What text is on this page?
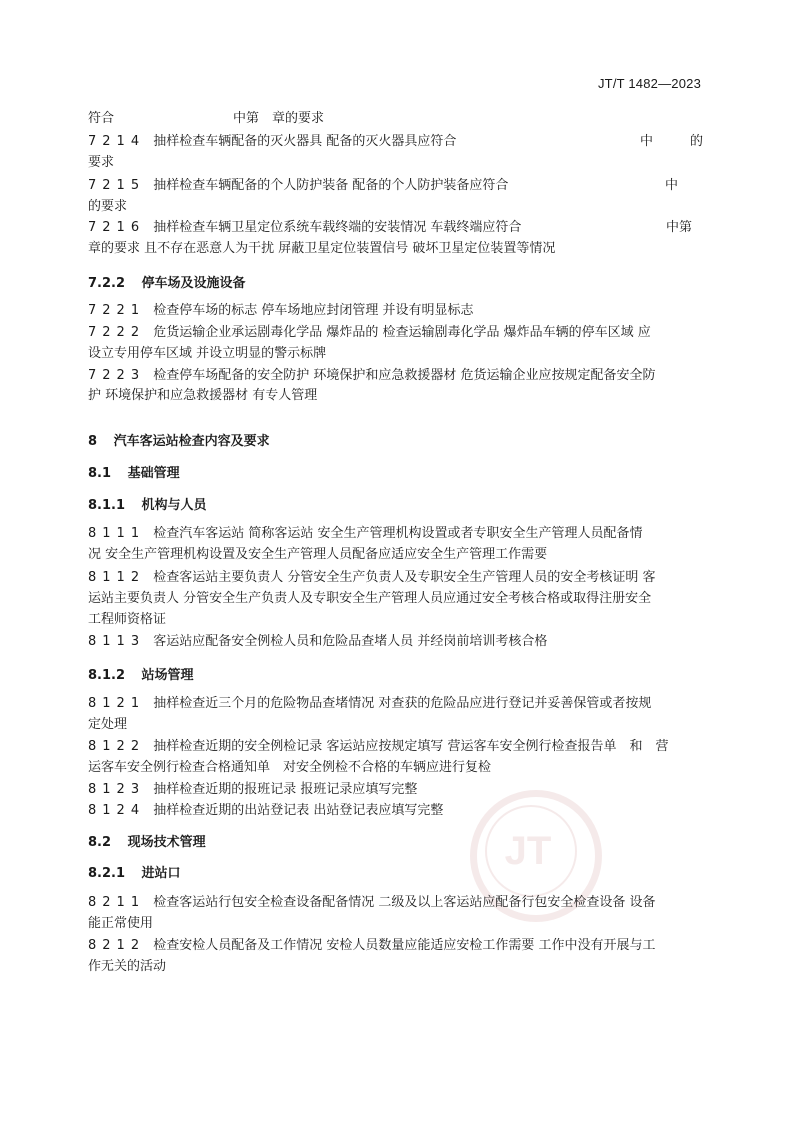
JT/T 1482—2023
JT
符合	中第　章的要求
7214 抽样检查车辆配备的灭火器具 配备的灭火器具应符合	中	的
要求
7215 抽样检查车辆配备的个人防护装备 配备的个人防护装备应符合	中
的要求
7216 抽样检查车辆卫星定位系统车载终端的安装情况 车载终端应符合	中第
章的要求 且不存在恶意人为干扰 屏蔽卫星定位装置信号 破坏卫星定位装置等情况
7.2.2 停车场及设施设备
7221 检查停车场的标志 停车场地应封闭管理 并设有明显标志
7222 危货运输企业承运剧毒化学品 爆炸品的 检查运输剧毒化学品 爆炸品车辆的停车区域 应
设立专用停车区域 并设立明显的警示标牌
7223 检查停车场配备的安全防护 环境保护和应急救援器材 危货运输企业应按规定配备安全防
护 环境保护和应急救援器材 有专人管理
8 汽车客运站检查内容及要求
8.1 基础管理
8.1.1 机构与人员
8111 检查汽车客运站 简称客运站 安全生产管理机构设置或者专职安全生产管理人员配备情
况 安全生产管理机构设置及安全生产管理人员配备应适应安全生产管理工作需要
8112 检查客运站主要负责人 分管安全生产负责人及专职安全生产管理人员的安全考核证明 客
运站主要负责人 分管安全生产负责人及专职安全生产管理人员应通过安全考核合格或取得注册安全
工程师资格证
8113 客运站应配备安全例检人员和危险品查堵人员 并经岗前培训考核合格
8.1.2 站场管理
8121 抽样检查近三个月的危险物品查堵情况 对查获的危险品应进行登记并妥善保管或者按规
定处理
8122 抽样检查近期的安全例检记录 客运站应按规定填写 营运客车安全例行检查报告单　和　营
运客车安全例行检查合格通知单　对安全例检不合格的车辆应进行复检
8123 抽样检查近期的报班记录 报班记录应填写完整
8124 抽样检查近期的出站登记表 出站登记表应填写完整
8.2 现场技术管理
8.2.1 进站口
8211 检查客运站行包安全检查设备配备情况 二级及以上客运站应配备行包安全检查设备 设备
能正常使用
8212 检查安检人员配备及工作情况 安检人员数量应能适应安检工作需要 工作中没有开展与工
作无关的活动
